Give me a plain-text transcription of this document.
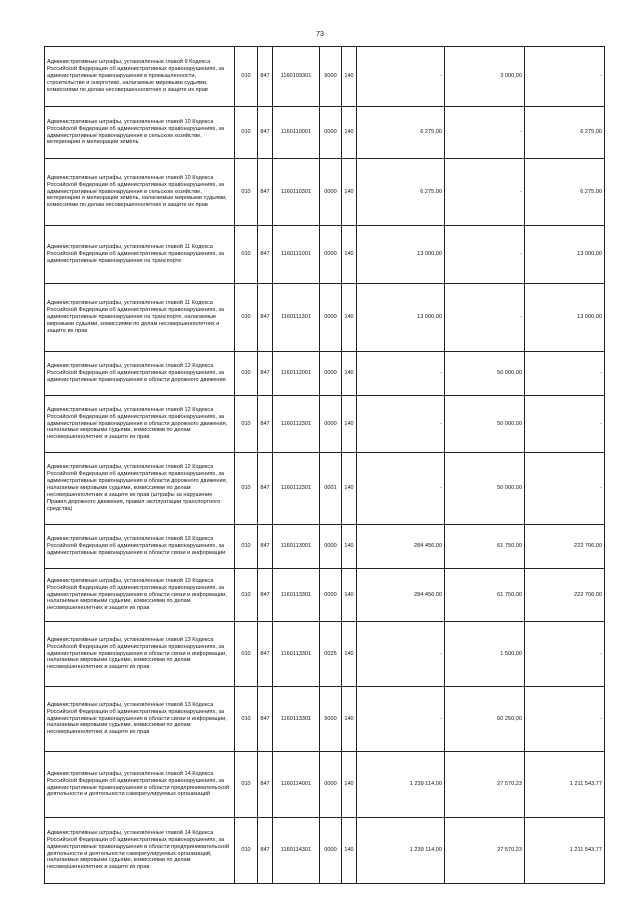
73
Административные штрафы, установленные главой 9 Кодекса Российской Федерации об административных правонарушениях, за административные правонарушения в промышленности, строительстве и энергетике, налагаемые мировыми судьями, комиссиями по делам несовершеннолетних и защите их прав	010	847	1160109301	9000	140	-	3 000,00	-
Административные штрафы, установленные главой 10 Кодекса Российской Федерации об административных правонарушениях, за административные правонарушения в сельском хозяйстве, ветеринарии и мелиорации земель	010	847	1160110001	0000	140	6 275,00	-	6 275,00
Административные штрафы, установленные главой 10 Кодекса Российской Федерации об административных правонарушениях, за административные правонарушения в сельском хозяйстве, ветеринарии и мелиорации земель, налагаемые мировыми судьями, комиссиями по делам несовершеннолетних и защите их прав	010	847	1160110301	0000	140	6 275,00	-	6 275,00
Административные штрафы, установленные главой 11 Кодекса Российской Федерации об административных правонарушениях, за административные правонарушения на транспорте	010	847	1160111001	0000	140	13 000,00	-	13 000,00
Административные штрафы, установленные главой 11 Кодекса Российской Федерации об административных правонарушениях, за административные правонарушения на транспорте, налагаемые мировыми судьями, комиссиями по делам несовершеннолетних и защите их прав	010	847	1160111301	0000	140	13 000,00	-	13 000,00
Административные штрафы, установленные главой 12 Кодекса Российской Федерации об административных правонарушениях, за административные правонарушения в области дорожного движения	010	847	1160112001	0000	140	-	50 000,00	-
Административные штрафы, установленные главой 12 Кодекса Российской Федерации об административных правонарушениях, за административные правонарушения в области дорожного движения, налагаемые мировыми судьями, комиссиями по делам несовершеннолетних и защите их прав	010	847	1160112301	0000	140	-	50 000,00	-
Административные штрафы, установленные главой 12 Кодекса Российской Федерации об административных правонарушениях, за административные правонарушения в области дорожного движения, налагаемые мировыми судьями, комиссиями по делам несовершеннолетних и защите их прав (штрафы за нарушение Правил дорожного движения, правил эксплуатации транспортного средства)	010	847	1160112301	0001	140	-	50 000,00	-
Административные штрафы, установленные главой 13 Кодекса Российской Федерации об административных правонарушениях, за административные правонарушения в области связи и информации	010	847	1160113001	0000	140	284 456,00	61 750,00	222 706,00
Административные штрафы, установленные главой 13 Кодекса Российской Федерации об административных правонарушениях, за административные правонарушения в области связи и информации, налагаемые мировыми судьями, комиссиями по делам несовершеннолетних и защите их прав	010	847	1160113301	0000	140	284 456,00	61 750,00	222 706,00
Административные штрафы, установленные главой 13 Кодекса Российской Федерации об административных правонарушениях, за административные правонарушения в области связи и информации, налагаемые мировыми судьями, комиссиями по делам несовершеннолетних и защите их прав	010	847	1160113301	0025	140	-	1 500,00	-
Административные штрафы, установленные главой 13 Кодекса Российской Федерации об административных правонарушениях, за административные правонарушения в области связи и информации, налагаемые мировыми судьями, комиссиями по делам несовершеннолетних и защите их прав	010	847	1160113301	9000	140	-	60 250,00	-
Административные штрафы, установленные главой 14 Кодекса Российской Федерации об административных правонарушениях, за административные правонарушения в области предпринимательской деятельности и деятельности саморегулируемых организаций	010	847	1160114001	0000	140	1 239 114,00	27 570,23	1 211 543,77
Административные штрафы, установленные главой 14 Кодекса Российской Федерации об административных правонарушениях, за административные правонарушения в области предпринимательской деятельности и деятельности саморегулируемых организаций, налагаемые мировыми судьями, комиссиями по делам несовершеннолетних и защите их прав	010	847	1160114301	0000	140	1 239 114,00	27 570,23	1 211 543,77
